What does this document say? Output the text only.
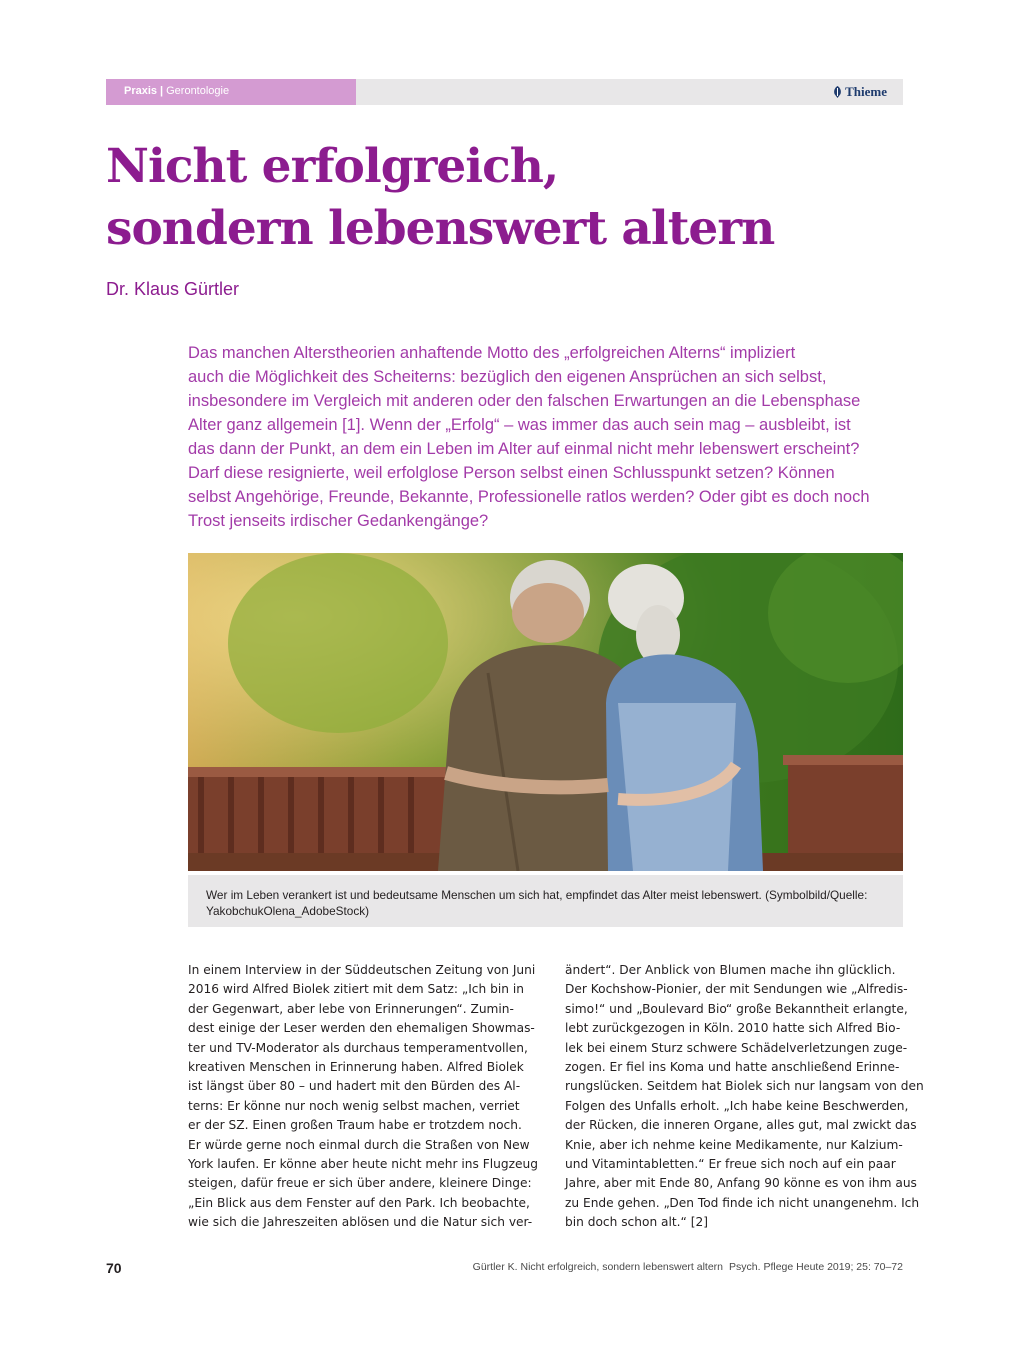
Praxis | Gerontologie	Thieme
Nicht erfolgreich,
sondern lebenswert altern
Dr. Klaus Gürtler
Das manchen Alterstheorien anhaftende Motto des „erfolgreichen Alterns“ impliziert
auch die Möglichkeit des Scheiterns: bezüglich den eigenen Ansprüchen an sich selbst,
insbesondere im Vergleich mit anderen oder den falschen Erwartungen an die Lebensphase
Alter ganz allgemein [1]. Wenn der „Erfolg“ – was immer das auch sein mag – ausbleibt, ist
das dann der Punkt, an dem ein Leben im Alter auf einmal nicht mehr lebenswert erscheint?
Darf diese resignierte, weil erfolglose Person selbst einen Schlusspunkt setzen? Können
selbst Angehörige, Freunde, Bekannte, Professionelle ratlos werden? Oder gibt es doch noch
Trost jenseits irdischer Gedankengänge?
Wer im Leben verankert ist und bedeutsame Menschen um sich hat, empfindet das Alter meist lebenswert. (Symbolbild/Quelle:
YakobchukOlena_AdobeStock)
In einem Interview in der Süddeutschen Zeitung von Juni
2016 wird Alfred Biolek zitiert mit dem Satz: „Ich bin in
der Gegenwart, aber lebe von Erinnerungen“. Zumin-
dest einige der Leser werden den ehemaligen Showmas-
ter und TV-Moderator als durchaus temperamentvollen,
kreativen Menschen in Erinnerung haben. Alfred Biolek
ist längst über 80 – und hadert mit den Bürden des Al-
terns: Er könne nur noch wenig selbst machen, verriet
er der SZ. Einen großen Traum habe er trotzdem noch.
Er würde gerne noch einmal durch die Straßen von New
York laufen. Er könne aber heute nicht mehr ins Flugzeug
steigen, dafür freue er sich über andere, kleinere Dinge:
„Ein Blick aus dem Fenster auf den Park. Ich beobachte,
wie sich die Jahreszeiten ablösen und die Natur sich ver-
ändert“. Der Anblick von Blumen mache ihn glücklich.
Der Kochshow-Pionier, der mit Sendungen wie „Alfredis-
simo!“ und „Boulevard Bio“ große Bekanntheit erlangte,
lebt zurückgezogen in Köln. 2010 hatte sich Alfred Bio-
lek bei einem Sturz schwere Schädelverletzungen zuge-
zogen. Er fiel ins Koma und hatte anschließend Erinne-
rungslücken. Seitdem hat Biolek sich nur langsam von den
Folgen des Unfalls erholt. „Ich habe keine Beschwerden,
der Rücken, die inneren Organe, alles gut, mal zwickt das
Knie, aber ich nehme keine Medikamente, nur Kalzium-
und Vitamintabletten.“ Er freue sich noch auf ein paar
Jahre, aber mit Ende 80, Anfang 90 könne es von ihm aus
zu Ende gehen. „Den Tod finde ich nicht unangenehm. Ich
bin doch schon alt.“ [2]
70	Gürtler K. Nicht erfolgreich, sondern lebenswert altern Psych. Pflege Heute 2019; 25: 70–72
